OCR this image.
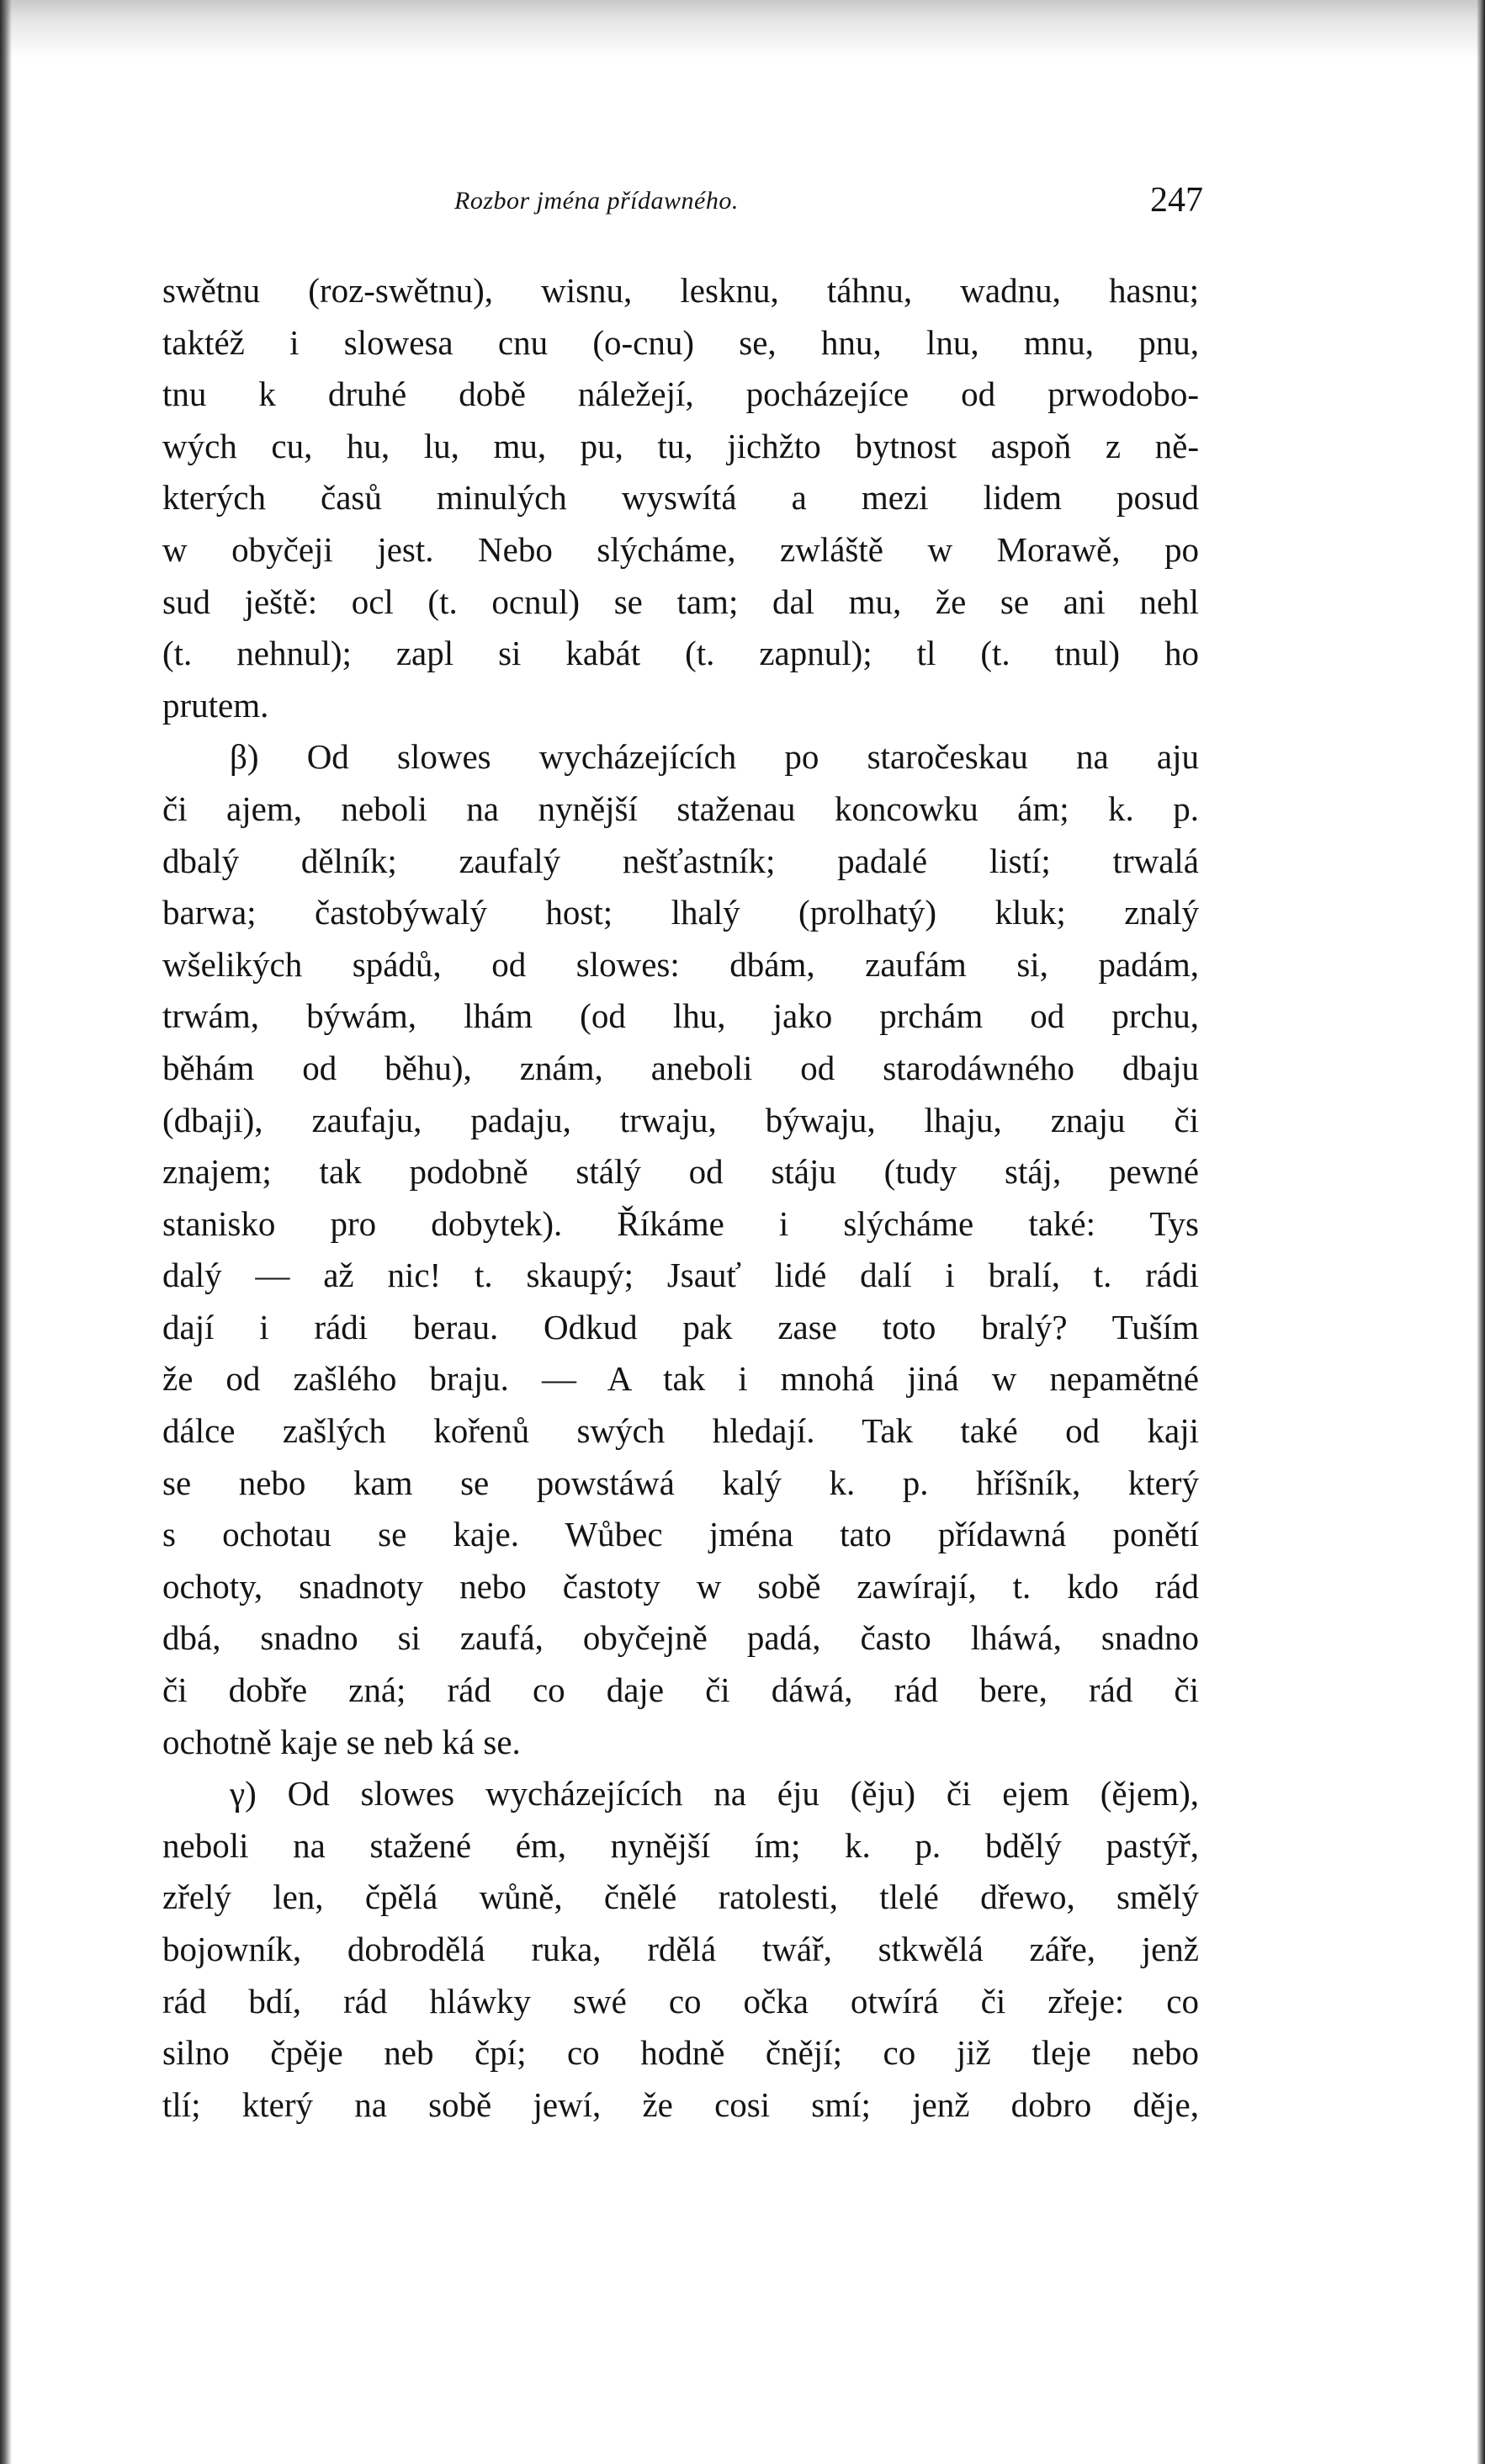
Rozbor jména přídawného.	247
swětnu (roz-swětnu), wisnu, lesknu, táhnu, wadnu, hasnu;
taktéž i slowesa cnu (o-cnu) se, hnu, lnu, mnu, pnu,
tnu k druhé době náležejí, pocházejíce od prwodobo-
wých cu, hu, lu, mu, pu, tu, jichžto bytnost aspoň z ně-
kterých časů minulých wyswítá a mezi lidem posud
w obyčeji jest. Nebo slýcháme, zwláště w Morawě, po
sud ještě: ocl (t. ocnul) se tam; dal mu, že se ani nehl
(t. nehnul); zapl si kabát (t. zapnul); tl (t. tnul) ho
prutem.
β) Od slowes wycházejících po staročeskau na aju
či ajem, neboli na nynější staženau koncowku ám; k. p.
dbalý dělník; zaufalý nešťastník; padalé listí; trwalá
barwa; častobýwalý host; lhalý (prolhatý) kluk; znalý
wšelikých spádů, od slowes: dbám, zaufám si, padám,
trwám, býwám, lhám (od lhu, jako prchám od prchu,
běhám od běhu), znám, aneboli od starodáwného dbaju
(dbaji), zaufaju, padaju, trwaju, býwaju, lhaju, znaju či
znajem; tak podobně stálý od stáju (tudy stáj, pewné
stanisko pro dobytek). Říkáme i slýcháme také: Tys
dalý — až nic! t. skaupý; Jsauť lidé dalí i bralí, t. rádi
dají i rádi berau. Odkud pak zase toto bralý? Tuším
že od zašlého braju. — A tak i mnohá jiná w nepamětné
dálce zašlých kořenů swých hledají. Tak také od kaji
se nebo kam se powstáwá kalý k. p. hříšník, který
s ochotau se kaje. Wůbec jména tato přídawná ponětí
ochoty, snadnoty nebo častoty w sobě zawírají, t. kdo rád
dbá, snadno si zaufá, obyčejně padá, často lháwá, snadno
či dobře zná; rád co daje či dáwá, rád bere, rád či
ochotně kaje se neb ká se.
γ) Od slowes wycházejících na éju (ěju) či ejem (ějem),
neboli na stažené ém, nynější ím; k. p. bdělý pastýř,
zřelý len, čpělá wůně, čnělé ratolesti, tlelé dřewo, smělý
bojowník, dobrodělá ruka, rdělá twář, stkwělá záře, jenž
rád bdí, rád hláwky swé co očka otwírá či zřeje: co
silno čpěje neb čpí; co hodně čnějí; co již tleje nebo
tlí; který na sobě jewí, že cosi smí; jenž dobro děje,
